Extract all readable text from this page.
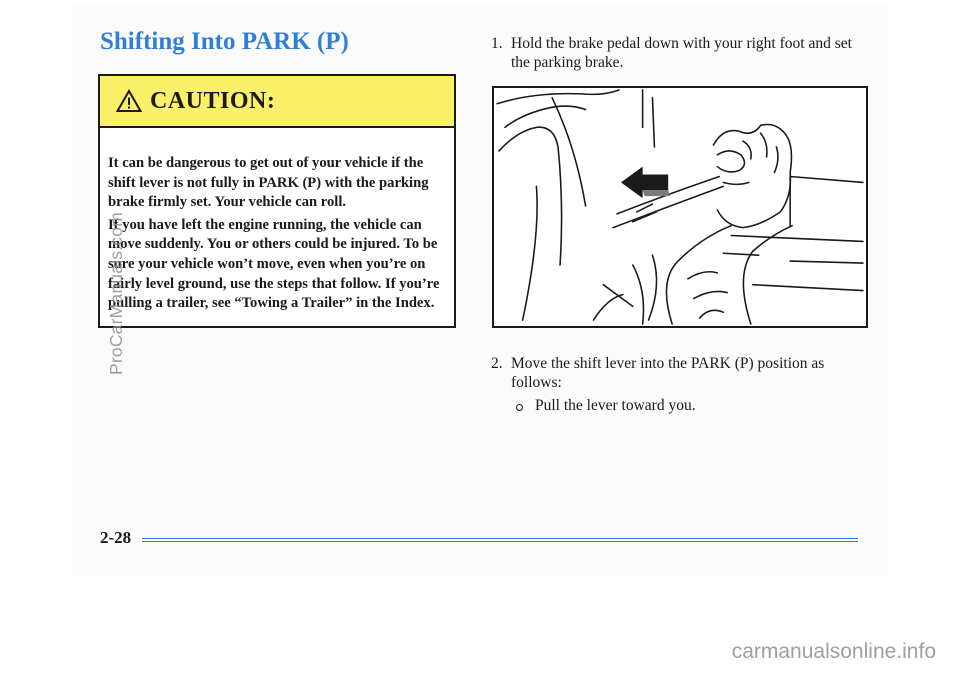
Shifting Into PARK (P)
CAUTION:

It can be dangerous to get out of your vehicle if the shift lever is not fully in PARK (P) with the parking brake firmly set. Your vehicle can roll.

If you have left the engine running, the vehicle can move suddenly. You or others could be injured. To be sure your vehicle won’t move, even when you’re on fairly level ground, use the steps that follow. If you’re pulling a trailer, see “Towing a Trailer” in the Index.

1. Hold the brake pedal down with your right foot and set the parking brake.
2. Move the shift lever into the PARK (P) position as follows:
Pull the lever toward you.
2-28
ProCarManuals.com
carmanualsonline.info
